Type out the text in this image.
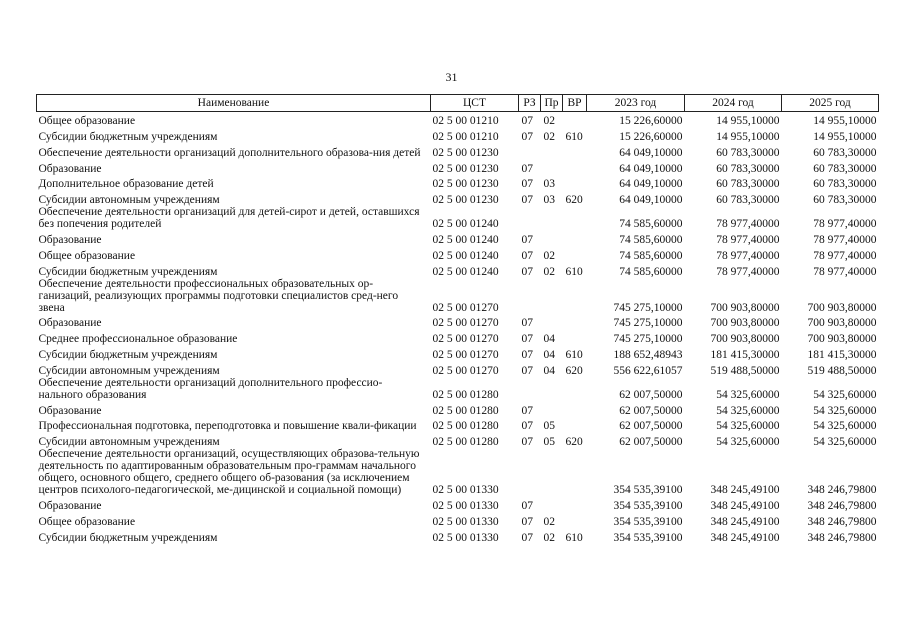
31
Наименование	ЦСТ	РЗ	Пр	ВР	2023 год	2024 год	2025 год
Общее образование	02 5 00 01210	07	02		15 226,60000	14 955,10000	14 955,10000
Субсидии бюджетным учреждениям	02 5 00 01210	07	02	610	15 226,60000	14 955,10000	14 955,10000
Обеспечение деятельности организаций дополнительного образова-ния детей	02 5 00 01230				64 049,10000	60 783,30000	60 783,30000
Образование	02 5 00 01230	07			64 049,10000	60 783,30000	60 783,30000
Дополнительное образование детей	02 5 00 01230	07	03		64 049,10000	60 783,30000	60 783,30000
Субсидии автономным учреждениям	02 5 00 01230	07	03	620	64 049,10000	60 783,30000	60 783,30000
Обеспечение деятельности организаций для детей-сирот и детей, оставшихся без попечения родителей	02 5 00 01240				74 585,60000	78 977,40000	78 977,40000
Образование	02 5 00 01240	07			74 585,60000	78 977,40000	78 977,40000
Общее образование	02 5 00 01240	07	02		74 585,60000	78 977,40000	78 977,40000
Субсидии бюджетным учреждениям	02 5 00 01240	07	02	610	74 585,60000	78 977,40000	78 977,40000
Обеспечение деятельности профессиональных образовательных ор-ганизаций, реализующих программы подготовки специалистов сред-него звена	02 5 00 01270				745 275,10000	700 903,80000	700 903,80000
Образование	02 5 00 01270	07			745 275,10000	700 903,80000	700 903,80000
Среднее профессиональное образование	02 5 00 01270	07	04		745 275,10000	700 903,80000	700 903,80000
Субсидии бюджетным учреждениям	02 5 00 01270	07	04	610	188 652,48943	181 415,30000	181 415,30000
Субсидии автономным учреждениям	02 5 00 01270	07	04	620	556 622,61057	519 488,50000	519 488,50000
Обеспечение деятельности организаций дополнительного профессио-нального образования	02 5 00 01280				62 007,50000	54 325,60000	54 325,60000
Образование	02 5 00 01280	07			62 007,50000	54 325,60000	54 325,60000
Профессиональная подготовка, переподготовка и повышение квали-фикации	02 5 00 01280	07	05		62 007,50000	54 325,60000	54 325,60000
Субсидии автономным учреждениям	02 5 00 01280	07	05	620	62 007,50000	54 325,60000	54 325,60000
Обеспечение деятельности организаций, осуществляющих образова-тельную деятельность по адаптированным образовательным про-граммам начального общего, основного общего, среднего общего об-разования (за исключением центров психолого-педагогической, ме-дицинской и социальной помощи)	02 5 00 01330				354 535,39100	348 245,49100	348 246,79800
Образование	02 5 00 01330	07			354 535,39100	348 245,49100	348 246,79800
Общее образование	02 5 00 01330	07	02		354 535,39100	348 245,49100	348 246,79800
Субсидии бюджетным учреждениям	02 5 00 01330	07	02	610	354 535,39100	348 245,49100	348 246,79800
